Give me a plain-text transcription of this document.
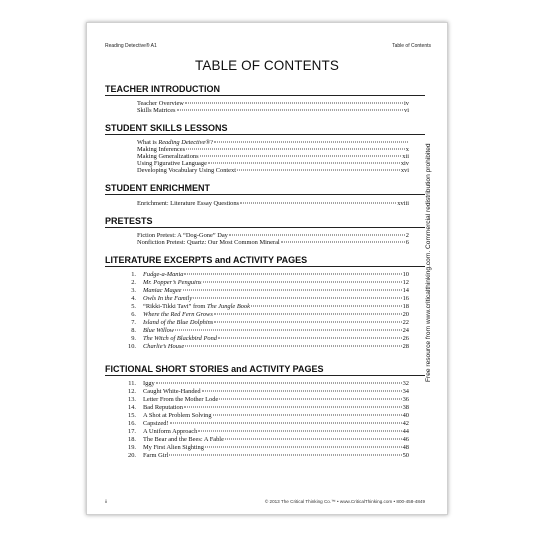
Reading Detective® A1	Table of Contents
TABLE OF CONTENTS
TEACHER INTRODUCTION
Teacher Overview	iv
Skills Matrices	vi
STUDENT SKILLS LESSONS
What is Reading Detective®?
Making Inferences	x
Making Generalizations	xii
Using Figurative Language	xiv
Developing Vocabulary Using Context	xvi
STUDENT ENRICHMENT
Enrichment: Literature Essay Questions	xviii
PRETESTS
Fiction Pretest: A “Dog-Gone” Day	2
Nonfiction Pretest: Quartz: Our Most Common Mineral	6
LITERATURE EXCERPTS and ACTIVITY PAGES
1. Fudge-a-Mania	10
2. Mr. Popper’s Penguins	12
3. Maniac Magee	14
4. Owls In the Family	16
5. “Rikki-Tikki Tavi” from The Jungle Book	18
6. Where the Red Fern Grows	20
7. Island of the Blue Dolphins	22
8. Blue Willow	24
9. The Witch of Blackbird Pond	26
10. Charlie’s House	28
FICTIONAL SHORT STORIES and ACTIVITY PAGES
11. Iggy	32
12. Caught White-Handed	34
13. Letter From the Mother Lode	36
14. Bad Reputation	38
15. A Shot at Problem Solving	40
16. Capsized!	42
17. A Uniform Approach	44
18. The Bear and the Bees: A Fable	46
19. My First Alien Sighting	48
20. Farm Girl	50
ii	© 2013 The Critical Thinking Co.™ • www.CriticalThinking.com • 800-458-4849
Free resource from www.criticalthinking.com. Commercial redistribution prohibited
